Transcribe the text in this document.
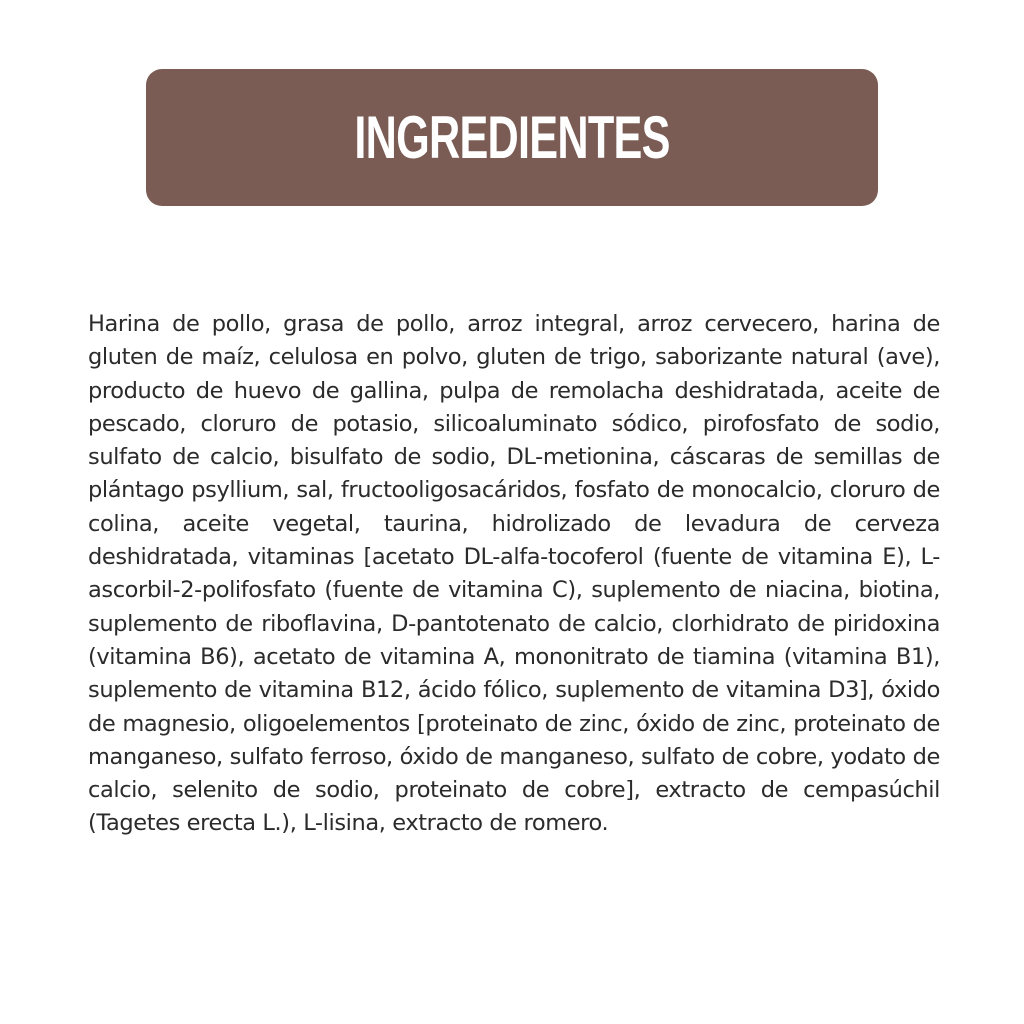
INGREDIENTES

Harina de pollo, grasa de pollo, arroz integral, arroz cervecero, harina de gluten de maíz, celulosa en polvo, gluten de trigo, saborizante natural (ave), producto de huevo de gallina, pulpa de remolacha deshidratada, aceite de pescado, cloruro de potasio, silicoaluminato sódico, pirofosfato de sodio, sulfato de calcio, bisulfato de sodio, DL-metionina, cáscaras de semillas de plántago psyllium, sal, fructooligosacáridos, fosfato de monocalcio, cloruro de colina, aceite vegetal, taurina, hidrolizado de levadura de cerveza deshidratada, vitaminas [acetato DL-alfa-tocoferol (fuente de vitamina E), L-ascorbil-2-polifosfato (fuente de vitamina C), suplemento de niacina, biotina, suplemento de riboflavina, D-pantotenato de calcio, clorhidrato de piridoxina (vitamina B6), acetato de vitamina A, mononitrato de tiamina (vitamina B1), suplemento de vitamina B12, ácido fólico, suplemento de vitamina D3], óxido de magnesio, oligoelementos [proteinato de zinc, óxido de zinc, proteinato de manganeso, sulfato ferroso, óxido de manganeso, sulfato de cobre, yodato de calcio, selenito de sodio, proteinato de cobre], extracto de cempasúchil (Tagetes erecta L.), L-lisina, extracto de romero.
